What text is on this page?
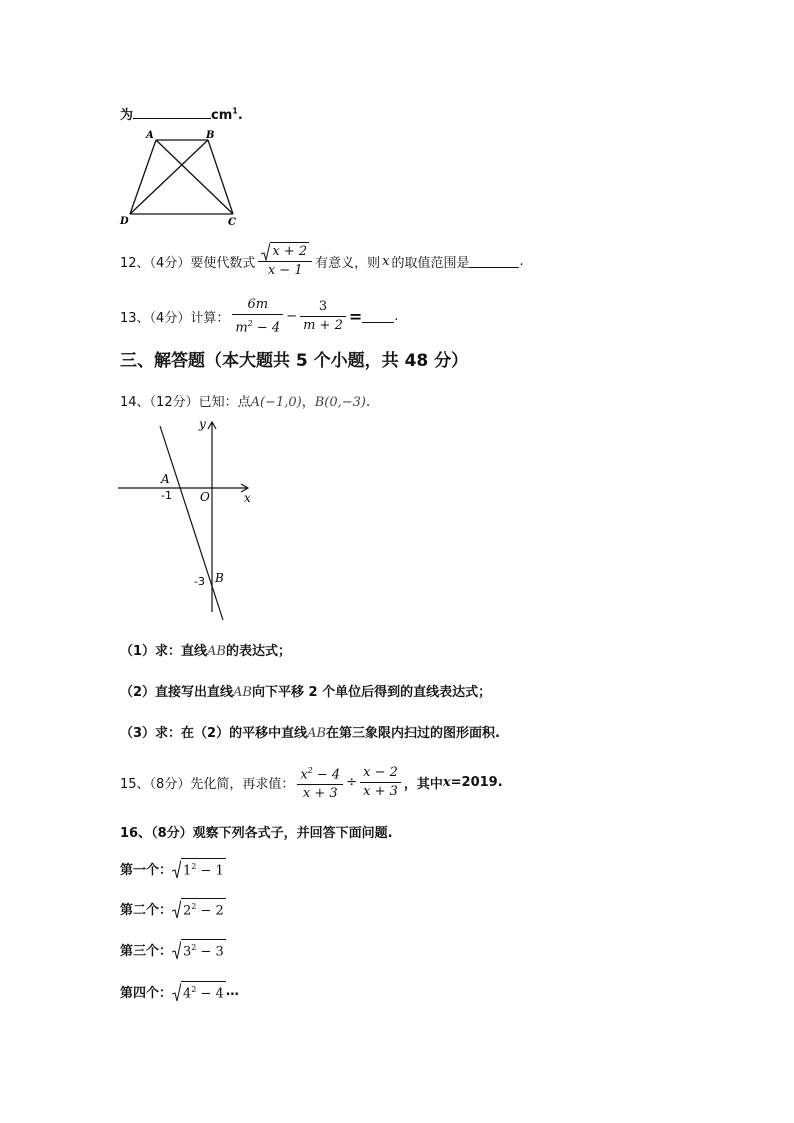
为	$cm^1$.
A	B
D	C
12、（4分）要使代数式 $\frac{x + 2}{x - 1}$ 有意义，则 x 的取值范围是	.
13、（4分）计算： $\frac{6m}{m^2 - 4} - \frac{3}{m + 2}$ = .
三、解答题（本大题共 5 个小题，共 48 分）
14、（12分）已知：点A(−1,0)，B(0,−3).
y
x
O
A
-1
-3 B
（1）求：直线AB的表达式；
（2）直接写出直线AB向下平移 2 个单位后得到的直线表达式；
（3）求：在（2）的平移中直线AB在第三象限内扫过的图形面积.
15、（8分）先化简，再求值： $\frac{x^2 - 4}{x + 3} \div \frac{x - 2}{x + 3}$ ，其中 x =2019.
16、（8分）观察下列各式子，并回答下面问题.
第一个： $1^2 - 1$
第二个： $2^2 - 2$
第三个： $3^2 - 3$
第四个： $4^2 - 4$ …
